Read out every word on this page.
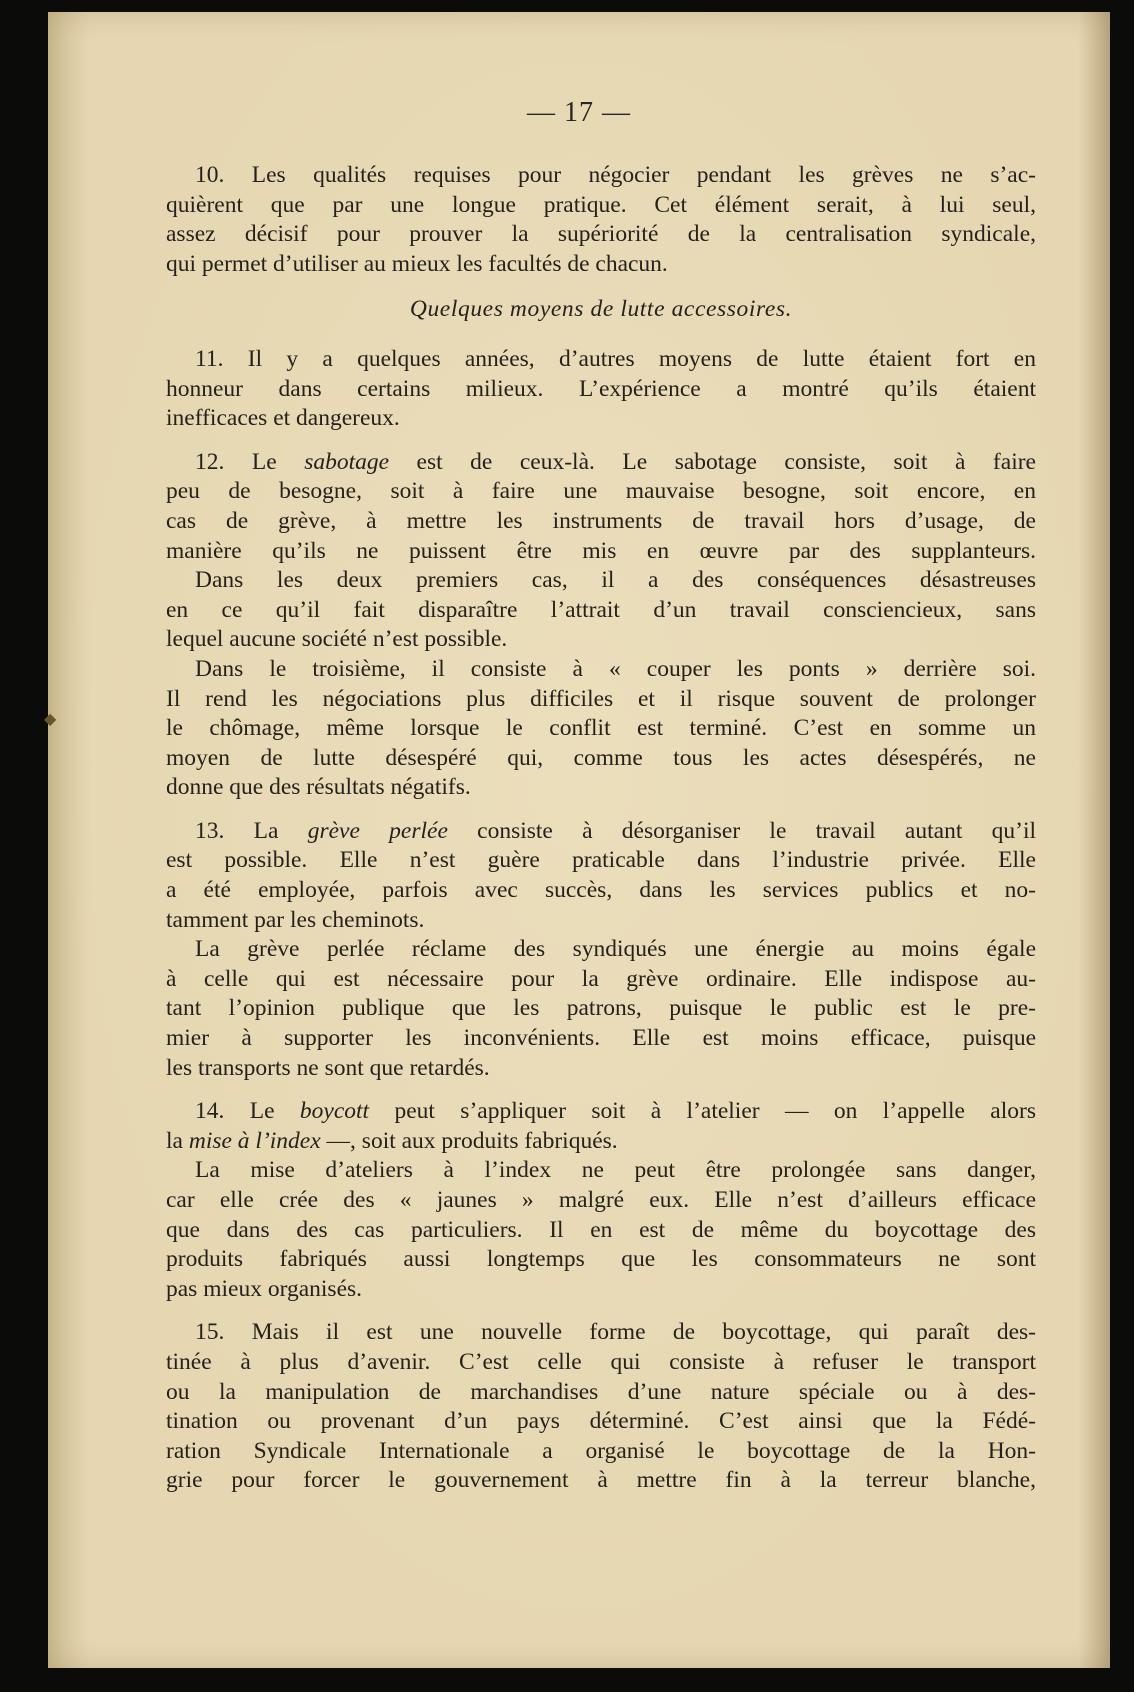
◆
— 17 —
10. Les qualités requises pour négocier pendant les grèves ne s’ac-
quièrent que par une longue pratique. Cet élément serait, à lui seul,
assez décisif pour prouver la supériorité de la centralisation syndicale,
qui permet d’utiliser au mieux les facultés de chacun.
Quelques moyens de lutte accessoires.
11. Il y a quelques années, d’autres moyens de lutte étaient fort en
honneur dans certains milieux. L’expérience a montré qu’ils étaient
inefficaces et dangereux.
12. Le sabotage est de ceux-là. Le sabotage consiste, soit à faire
peu de besogne, soit à faire une mauvaise besogne, soit encore, en
cas de grève, à mettre les instruments de travail hors d’usage, de
manière qu’ils ne puissent être mis en œuvre par des supplanteurs.
Dans les deux premiers cas, il a des conséquences désastreuses
en ce qu’il fait disparaître l’attrait d’un travail consciencieux, sans
lequel aucune société n’est possible.
Dans le troisième, il consiste à « couper les ponts » derrière soi.
Il rend les négociations plus difficiles et il risque souvent de prolonger
le chômage, même lorsque le conflit est terminé. C’est en somme un
moyen de lutte désespéré qui, comme tous les actes désespérés, ne
donne que des résultats négatifs.
13. La grève perlée consiste à désorganiser le travail autant qu’il
est possible. Elle n’est guère praticable dans l’industrie privée. Elle
a été employée, parfois avec succès, dans les services publics et no-
tamment par les cheminots.
La grève perlée réclame des syndiqués une énergie au moins égale
à celle qui est nécessaire pour la grève ordinaire. Elle indispose au-
tant l’opinion publique que les patrons, puisque le public est le pre-
mier à supporter les inconvénients. Elle est moins efficace, puisque
les transports ne sont que retardés.
14. Le boycott peut s’appliquer soit à l’atelier — on l’appelle alors
la mise à l’index —, soit aux produits fabriqués.
La mise d’ateliers à l’index ne peut être prolongée sans danger,
car elle crée des « jaunes » malgré eux. Elle n’est d’ailleurs efficace
que dans des cas particuliers. Il en est de même du boycottage des
produits fabriqués aussi longtemps que les consommateurs ne sont
pas mieux organisés.
15. Mais il est une nouvelle forme de boycottage, qui paraît des-
tinée à plus d’avenir. C’est celle qui consiste à refuser le transport
ou la manipulation de marchandises d’une nature spéciale ou à des-
tination ou provenant d’un pays déterminé. C’est ainsi que la Fédé-
ration Syndicale Internationale a organisé le boycottage de la Hon-
grie pour forcer le gouvernement à mettre fin à la terreur blanche,
